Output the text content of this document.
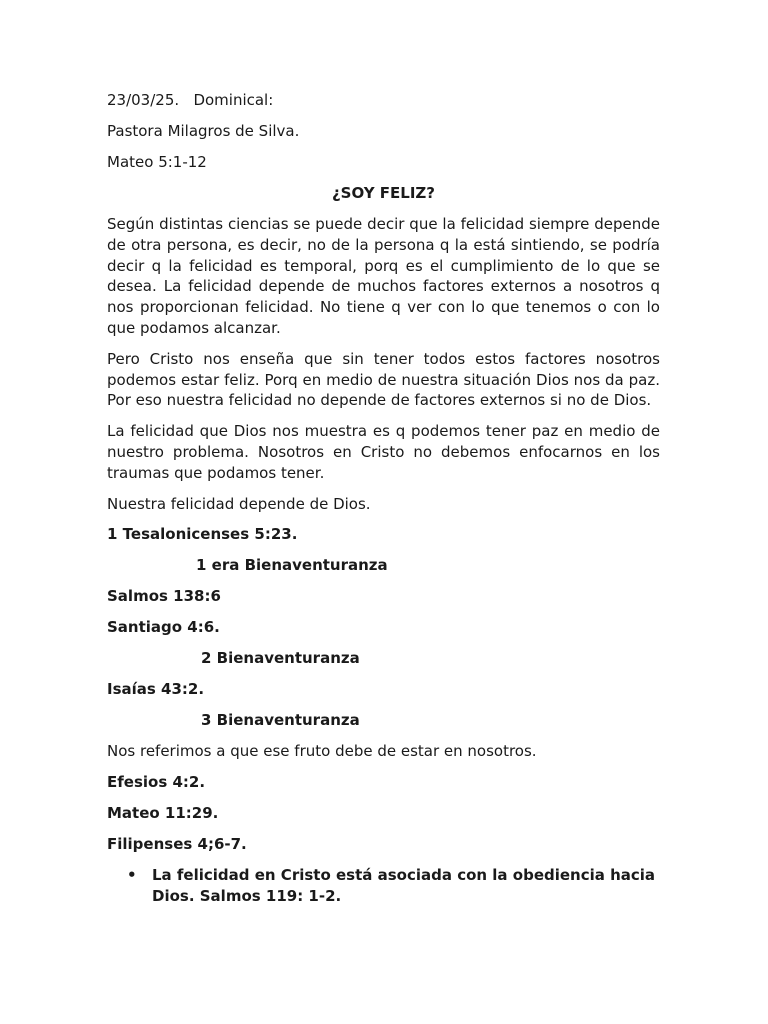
23/03/25.   Dominical:

Pastora Milagros de Silva.

Mateo 5:1-12

¿SOY FELIZ?

Según distintas ciencias se puede decir que la felicidad siempre depende de otra persona, es decir, no de la persona q la está sintiendo, se podría decir q la felicidad es temporal, porq es el cumplimiento de lo que se desea. La felicidad depende de muchos factores externos a nosotros q nos proporcionan felicidad. No tiene q ver con lo que tenemos o con lo que podamos alcanzar.

Pero Cristo nos enseña que sin tener todos estos factores nosotros podemos estar feliz. Porq en medio de nuestra situación Dios nos da paz. Por eso nuestra felicidad no depende de factores externos si no de Dios.

La felicidad que Dios nos muestra es q podemos tener paz en medio de nuestro problema. Nosotros en Cristo no debemos enfocarnos en los traumas que podamos tener.

Nuestra felicidad depende de Dios.

1 Tesalonicenses 5:23.

1 era Bienaventuranza

Salmos 138:6

Santiago 4:6.

2 Bienaventuranza

Isaías 43:2.

3 Bienaventuranza

Nos referimos a que ese fruto debe de estar en nosotros.

Efesios 4:2.

Mateo 11:29.

Filipenses 4;6-7.

• La felicidad en Cristo está asociada con la obediencia hacia Dios. Salmos 119: 1-2.
